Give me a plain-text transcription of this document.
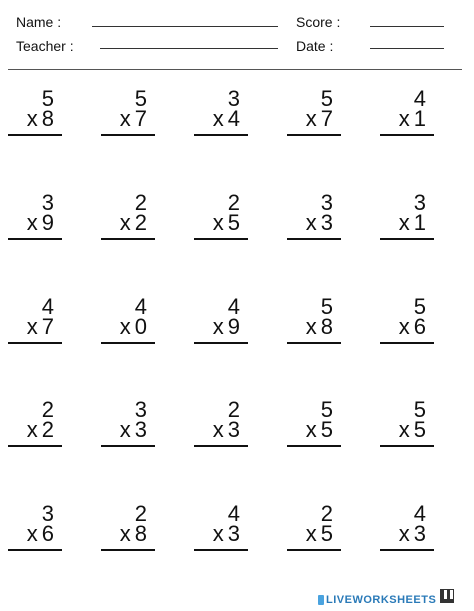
Name :
Teacher :
Score :
Date :
5
x 8
5
x 7
3
x 4
5
x 7
4
x 1
3
x 9
2
x 2
2
x 5
3
x 3
3
x 1
4
x 7
4
x 0
4
x 9
5
x 8
5
x 6
2
x 2
3
x 3
2
x 3
5
x 5
5
x 5
3
x 6
2
x 8
4
x 3
2
x 5
4
x 3
LIVEWORKSHEETS
